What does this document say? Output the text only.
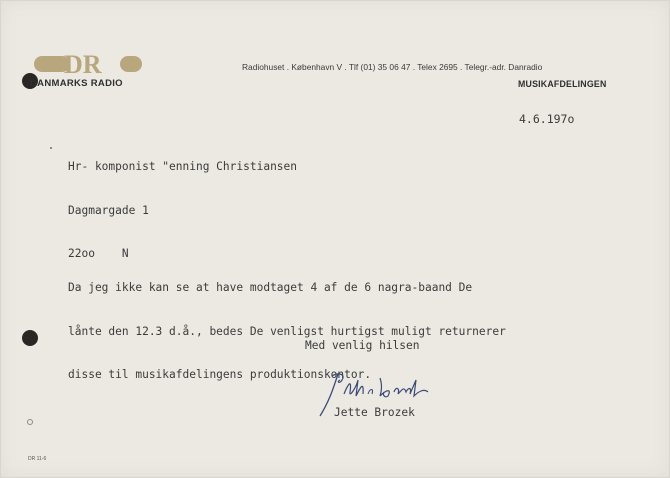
DR
DANMARKS RADIO
Radiohuset . København V . Tlf (01) 35 06 47 . Telex 2695 . Telegr.-adr. Danradio
MUSIKAFDELINGEN
4.6.197o

Hr- komponist "enning Christiansen

Dagmargade 1

22oo    N

Da jeg ikke kan se at have modtaget 4 af de 6 nagra-baand De

lånte den 12.3 d.å., bedes De venligst hurtigst muligt returnerer

disse til musikafdelingens produktionskontor.

Med venlig hilsen
Jette Brozek
DR 11-6
